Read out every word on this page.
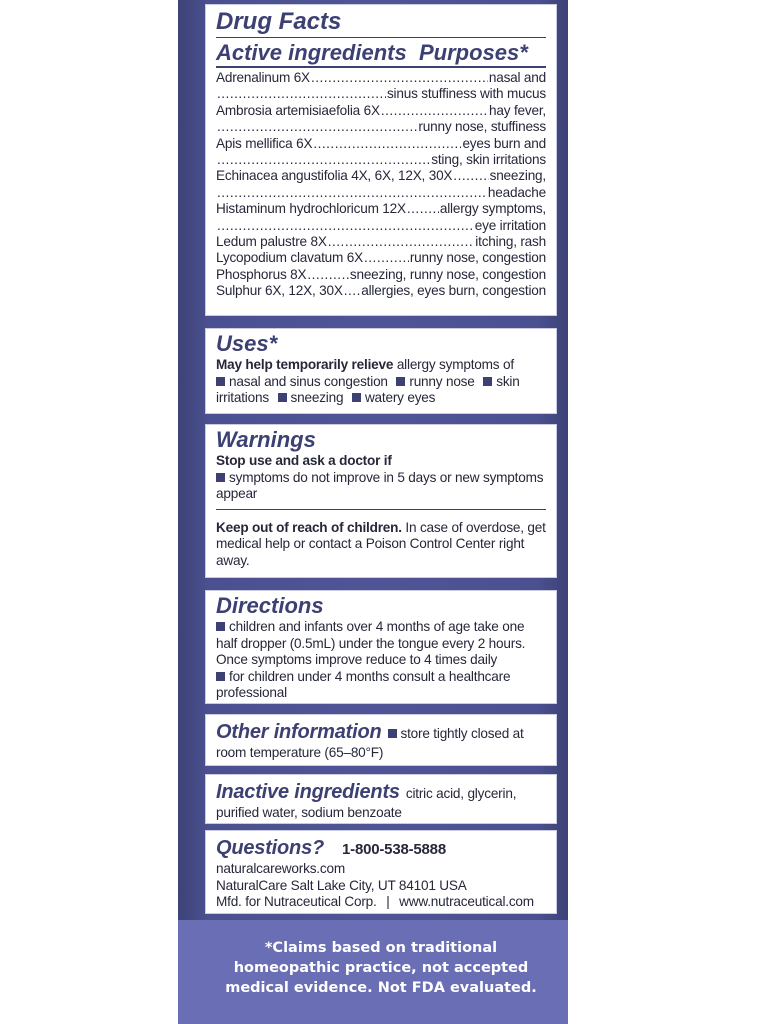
Drug Facts
Active ingredients Purposes*
Adrenalinum 6X .....	nasal and
.....
sinus stuffiness with mucus
Ambrosia artemisiaefolia 6X .....	hay fever,
.....
runny nose, stuffiness
Apis mellifica 6X .....	eyes burn and
.....
sting, skin irritations
Echinacea angustifolia 4X, 6X, 12X, 30X .....	sneezing,
.....
headache
Histaminum hydrochloricum 12X ..... allergy symptoms,
.....
eye irritation
Ledum palustre 8X .....	itching, rash
Lycopodium clavatum 6X .....	runny nose, congestion
Phosphorus 8X .....	sneezing, runny nose, congestion
Sulphur 6X, 12X, 30X ..... allergies, eyes burn, congestion
Uses*
May help temporarily relieve allergy symptoms of
nasal and sinus congestion runny nose skin irritations sneezing watery eyes
Warnings
Stop use and ask a doctor if
symptoms do not improve in 5 days or new symptoms appear
Keep out of reach of children. In case of overdose, get medical help or contact a Poison Control Center right away.
Directions
children and infants over 4 months of age take one half dropper (0.5mL) under the tongue every 2 hours. Once symptoms improve reduce to 4 times daily
for children under 4 months consult a healthcare professional
Other information store tightly closed at room temperature (65–80°F)
Inactive ingredients citric acid, glycerin, purified water, sodium benzoate
Questions? 1-800-538-5888
naturalcareworks.com
NaturalCare Salt Lake City, UT 84101 USA
Mfd. for Nutraceutical Corp. | www.nutraceutical.com
*Claims based on traditional
homeopathic practice, not accepted
medical evidence. Not FDA evaluated.
